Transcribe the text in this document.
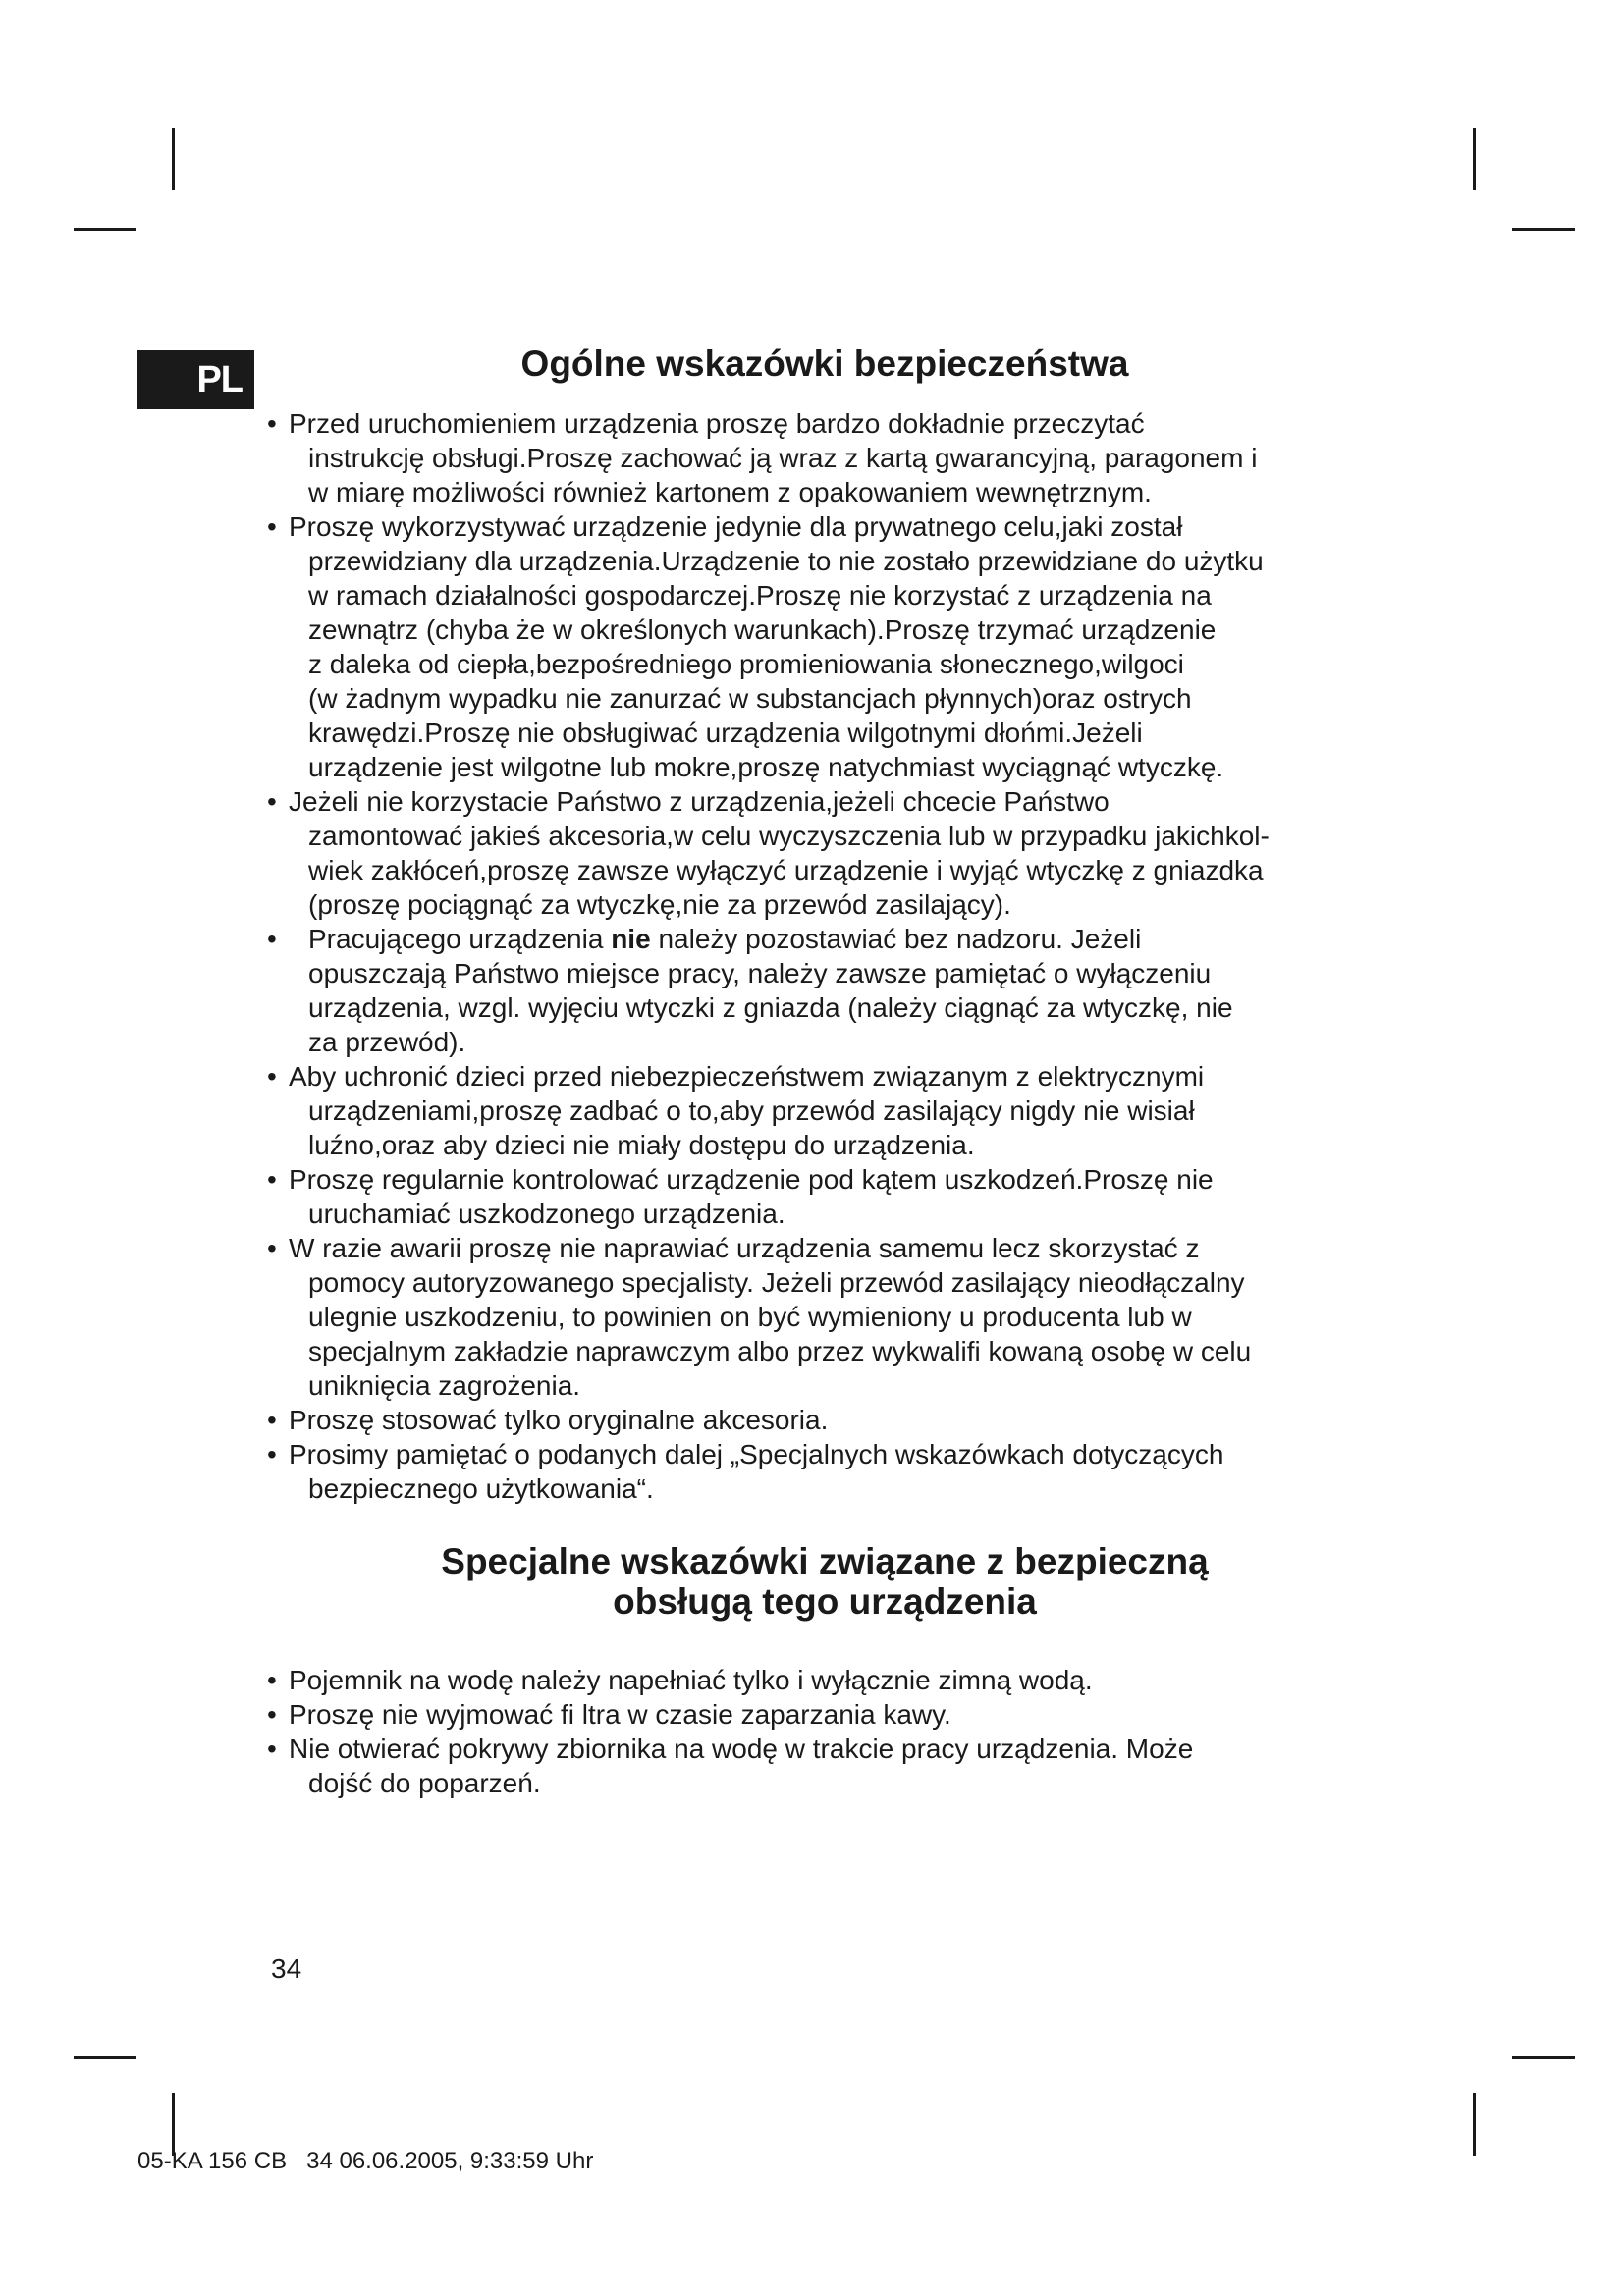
PL	Ogólne wskazówki bezpieczeństwa
• Przed uruchomieniem urządzenia proszę bardzo dokładnie przeczytać
instrukcję obsługi.Proszę zachować ją wraz z kartą gwarancyjną, paragonem i
w miarę możliwości również kartonem z opakowaniem wewnętrznym.
• Proszę wykorzystywać urządzenie jedynie dla prywatnego celu,jaki został
przewidziany dla urządzenia.Urządzenie to nie zostało przewidziane do użytku
w ramach działalności gospodarczej.Proszę nie korzystać z urządzenia na
zewnątrz (chyba że w określonych warunkach).Proszę trzymać urządzenie
z daleka od ciepła,bezpośredniego promieniowania słonecznego,wilgoci
(w żadnym wypadku nie zanurzać w substancjach płynnych)oraz ostrych
krawędzi.Proszę nie obsługiwać urządzenia wilgotnymi dłońmi.Jeżeli
urządzenie jest wilgotne lub mokre,proszę natychmiast wyciągnąć wtyczkę.
• Jeżeli nie korzystacie Państwo z urządzenia,jeżeli chcecie Państwo
zamontować jakieś akcesoria,w celu wyczyszczenia lub w przypadku jakichkol-
wiek zakłóceń,proszę zawsze wyłączyć urządzenie i wyjąć wtyczkę z gniazdka
(proszę pociągnąć za wtyczkę,nie za przewód zasilający).
•	Pracującego urządzenia nie należy pozostawiać bez nadzoru. Jeżeli
opuszczają Państwo miejsce pracy, należy zawsze pamiętać o wyłączeniu
urządzenia, wzgl. wyjęciu wtyczki z gniazda (należy ciągnąć za wtyczkę, nie
za przewód).
• Aby uchronić dzieci przed niebezpieczeństwem związanym z elektrycznymi
urządzeniami,proszę zadbać o to,aby przewód zasilający nigdy nie wisiał
luźno,oraz aby dzieci nie miały dostępu do urządzenia.
• Proszę regularnie kontrolować urządzenie pod kątem uszkodzeń.Proszę nie
uruchamiać uszkodzonego urządzenia.
• W razie awarii proszę nie naprawiać urządzenia samemu lecz skorzystać z
pomocy autoryzowanego specjalisty. Jeżeli przewód zasilający nieodłączalny
ulegnie uszkodzeniu, to powinien on być wymieniony u producenta lub w
specjalnym zakładzie naprawczym albo przez wykwalifi kowaną osobę w celu
uniknięcia zagrożenia.
• Proszę stosować tylko oryginalne akcesoria.
• Prosimy pamiętać o podanych dalej „Specjalnych wskazówkach dotyczących
bezpiecznego użytkowania“.
Specjalne wskazówki związane z bezpieczną
obsługą tego urządzenia
• Pojemnik na wodę należy napełniać tylko i wyłącznie zimną wodą.
• Proszę nie wyjmować fi ltra w czasie zaparzania kawy.
• Nie otwierać pokrywy zbiornika na wodę w trakcie pracy urządzenia. Może
dojść do poparzeń.
34
05-KA 156 CB   34 06.06.2005, 9:33:59 Uhr
